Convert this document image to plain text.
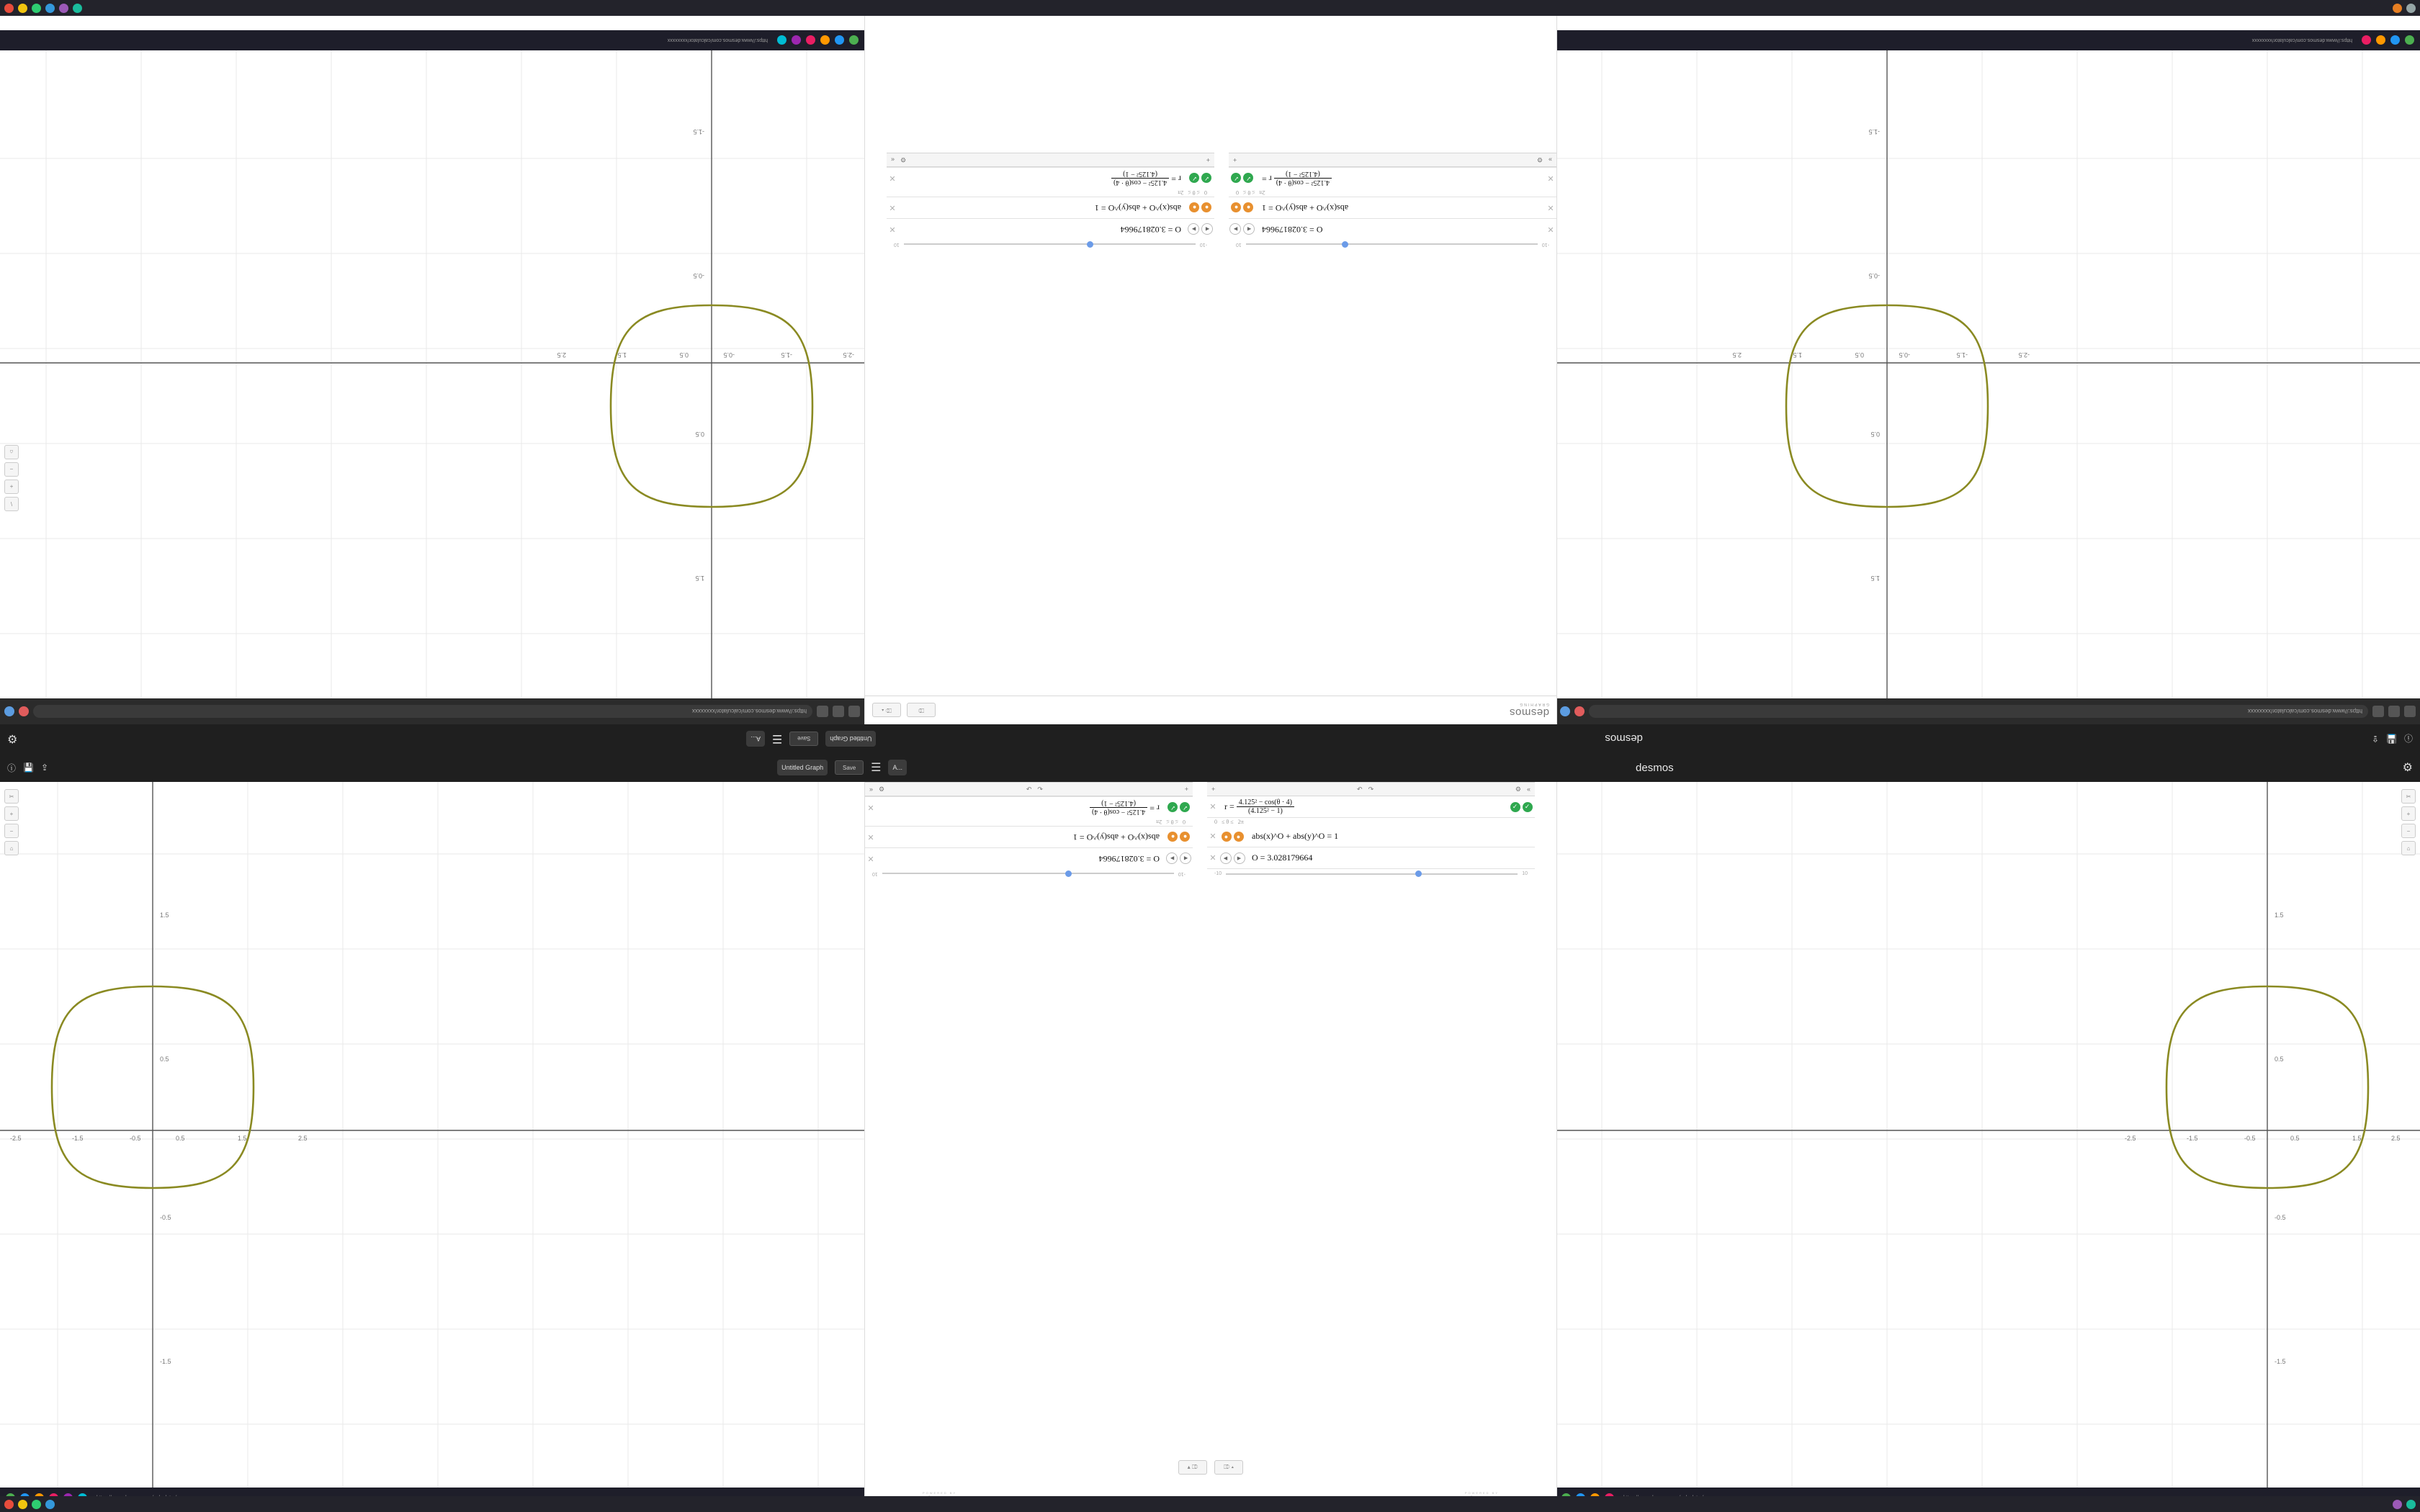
https://www.desmos.com/calculator/xxxxxxxx
-2.5
-1.5
-0.5
0.5
1.5
2.5
1.5
0.5
-0.5
-1.5
\
+
−
⌂
https://www.desmos.com/calculator/xxxxxxxx
https://www.desmos.com/calculator/xxxxxxxx
-2.5
-1.5
-0.5
0.5
1.5
2.5
1.5
0.5
-0.5
-1.5
https://www.desmos.com/calculator/xxxxxxxx
desmos
GRAPHING
⎄
⎄ ▴
-10
10
✕
O = 3.028179664
◀
▶
✕
abs(x)^O + abs(y)^O = 1
●
●
2π
≤ θ ≤
0
✕
4.125² − cos(θ · 4)
(4.125² − 1)
r =
✓
✓
»
⚙
+
-10
10
◀
▶
O = 3.028179664
✕
●
●
abs(x)^O + abs(y)^O = 1
✕
0
≤ θ ≤
2π
✓
✓
r =
4.125² − cos(θ · 4)
(4.125² − 1)
✕
+
⚙
«
ⓘ
💾
⇪
desmos
Untitled Graph
Save
☰
A...
⚙
ⓘ 💾 ⇪	Untitled Graph	Save	☰	A...	desmos	⚙
-2.5	-1.5	-0.5	0.5	1.5	2.5
1.5
0.5
-0.5
-1.5
✂
+
−
⌂
-2.5	-1.5	-0.5	0.5	1.5	2.5
1.5
0.5
-0.5
-1.5
✂
+
−
⌂
» ⚙	↶ ↷	+
✓
✓
r =
4.125² − cos(θ · 4)
(4.125² − 1)
✕
0
≤ θ ≤
2π
●
●
abs(x)^O + abs(y)^O = 1
✕
◀
▶
O = 3.028179664
✕
-10
10
+	↶ ↷	⚙ «
✕ $r = \frac{\text{4.125² − cos(θ · 4)}}{\text{(4.125² − 1)}}$	✓	✓
0 ≤ θ ≤ 2π
✕	●	●	abs(x)^O + abs(y)^O = 1
✕	◀	▶	O = 3.028179664
-10	10
▴ ⎄	⎄ ▴
POWERED BY	POWERED BY
